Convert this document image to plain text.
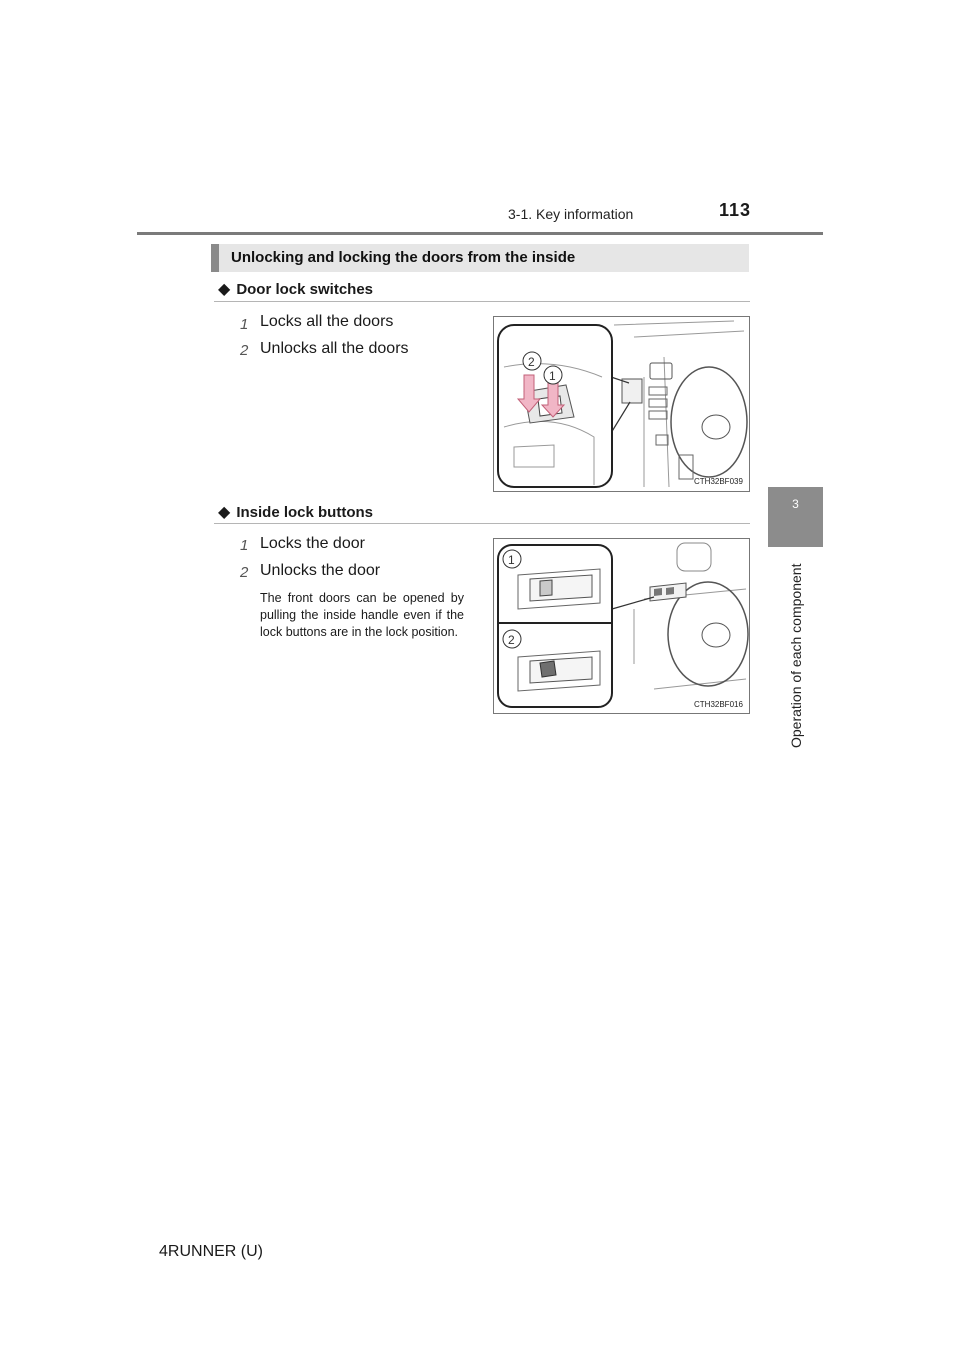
3-1. Key information	113
3
Operation of each component
Unlocking and locking the doors from the inside
◆ Door lock switches
1 Locks all the doors
2 Unlocks all the doors
2
1
CTH32BF039
◆ Inside lock buttons
1 Locks the door
2 Unlocks the door
The front doors can be opened by pulling the inside handle even if the lock buttons are in the lock position.
1
2
CTH32BF016
4RUNNER (U)
